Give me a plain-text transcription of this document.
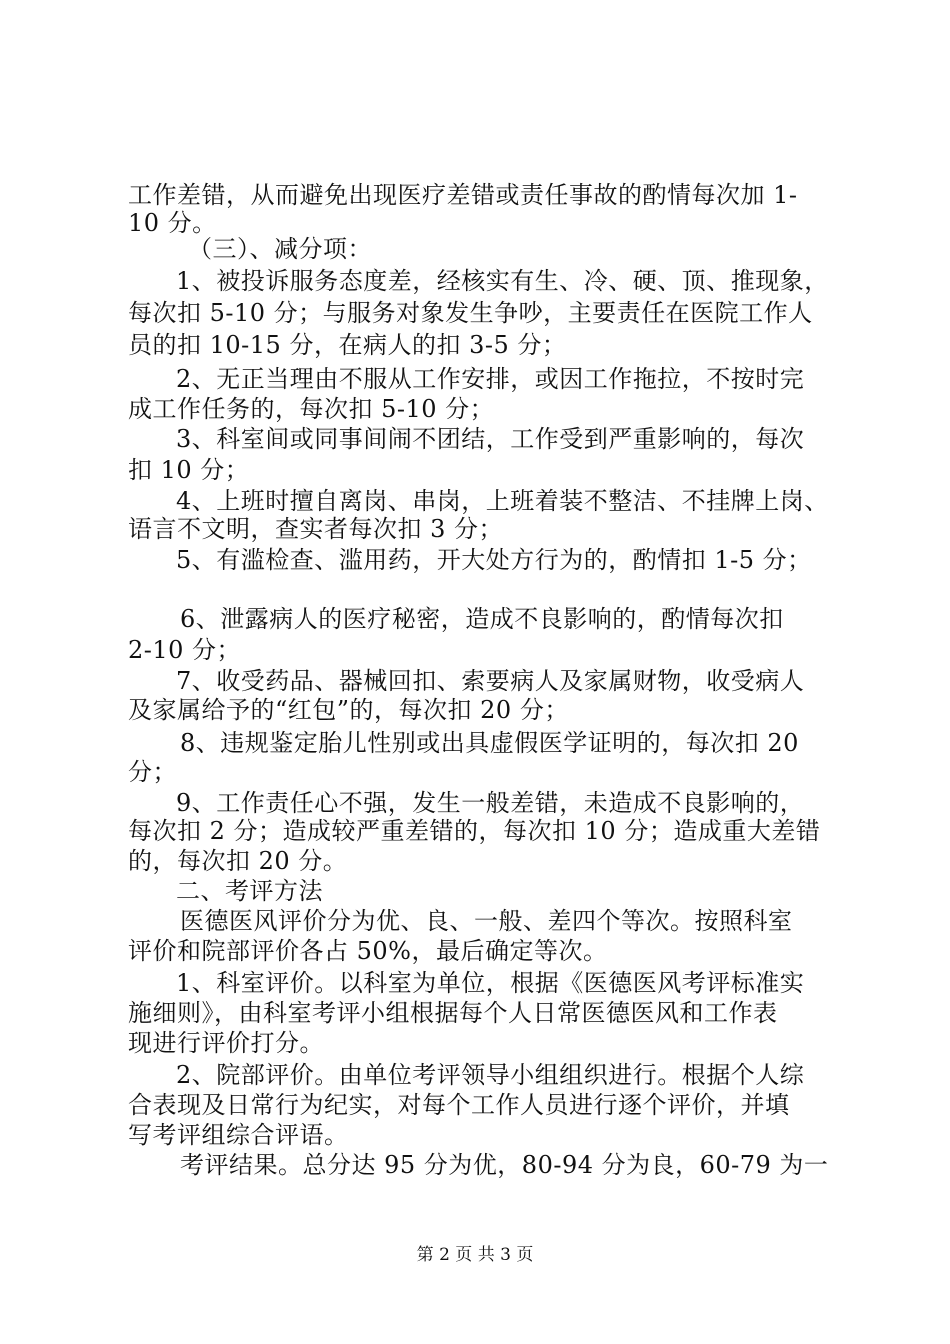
工作差错，从而避免出现医疗差错或责任事故的酌情每次加 1-
10 分。
（三）、减分项：
1、被投诉服务态度差，经核实有生、冷、硬、顶、推现象，
每次扣 5-10 分；与服务对象发生争吵，主要责任在医院工作人
员的扣 10-15 分，在病人的扣 3-5 分；
2、无正当理由不服从工作安排，或因工作拖拉，不按时完
成工作任务的，每次扣 5-10 分；
3、科室间或同事间闹不团结，工作受到严重影响的，每次
扣 10 分；
4、上班时擅自离岗、串岗，上班着装不整洁、不挂牌上岗、
语言不文明，查实者每次扣 3 分；
5、有滥检查、滥用药，开大处方行为的，酌情扣 1-5 分；
6、泄露病人的医疗秘密，造成不良影响的，酌情每次扣
2-10 分；
7、收受药品、器械回扣、索要病人及家属财物，收受病人
及家属给予的“红包”的，每次扣 20 分；
8、违规鉴定胎儿性别或出具虚假医学证明的，每次扣 20
分；
9、工作责任心不强，发生一般差错，未造成不良影响的，
每次扣 2 分；造成较严重差错的，每次扣 10 分；造成重大差错
的，每次扣 20 分。
二、考评方法
医德医风评价分为优、良、一般、差四个等次。按照科室
评价和院部评价各占 50%，最后确定等次。
1、科室评价。以科室为单位，根据《医德医风考评标准实
施细则》，由科室考评小组根据每个人日常医德医风和工作表
现进行评价打分。
2、院部评价。由单位考评领导小组组织进行。根据个人综
合表现及日常行为纪实，对每个工作人员进行逐个评价，并填
写考评组综合评语。
考评结果。总分达 95 分为优，80-94 分为良，60-79 为一
第 2 页 共 3 页
